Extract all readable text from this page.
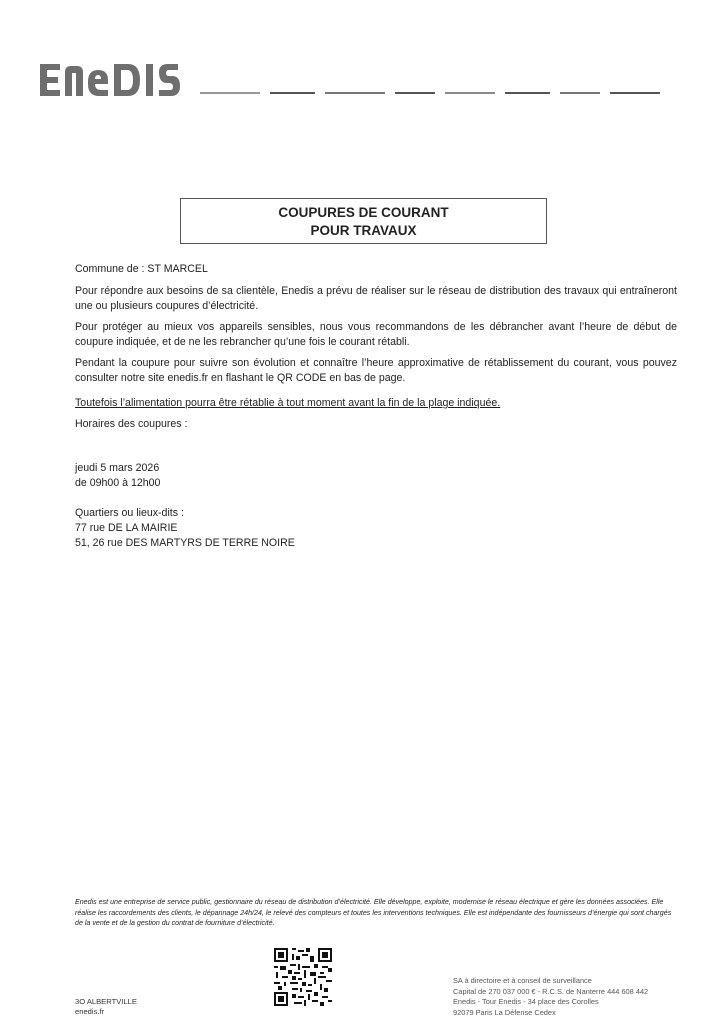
COUPURES DE COURANT
POUR TRAVAUX
Commune de : ST MARCEL
Pour répondre aux besoins de sa clientèle, Enedis a prévu de réaliser sur le réseau de distribution des travaux qui entraîneront une ou plusieurs coupures d’électricité.
Pour protéger au mieux vos appareils sensibles, nous vous recommandons de les débrancher avant l’heure de début de coupure indiquée, et de ne les rebrancher qu’une fois le courant rétabli.
Pendant la coupure pour suivre son évolution et connaître l’heure approximative de rétablissement du courant, vous pouvez consulter notre site enedis.fr en flashant le QR CODE en bas de page.
Toutefois l’alimentation pourra être rétablie à tout moment avant la fin de la plage indiquée.
Horaires des coupures :
jeudi 5 mars 2026
de 09h00 à 12h00
Quartiers ou lieux-dits :
77 rue DE LA MAIRIE
51, 26 rue DES MARTYRS DE TERRE NOIRE
Enedis est une entreprise de service public, gestionnaire du réseau de distribution d’électricité. Elle développe, exploite, modernise le réseau électrique et gère les données associées. Elle réalise les raccordements des clients, le dépannage 24h/24, le relevé des compteurs et toutes les interventions techniques. Elle est indépendante des fournisseurs d’énergie qui sont chargés de la vente et de la gestion du contrat de fourniture d’électricité.
3O ALBERTVILLE
enedis.fr
SA à directoire et à conseil de surveillance
Capital de 270 037 000 € - R.C.S. de Nanterre 444 608 442
Enedis - Tour Enedis - 34 place des Corolles
92079 Paris La Défense Cedex
